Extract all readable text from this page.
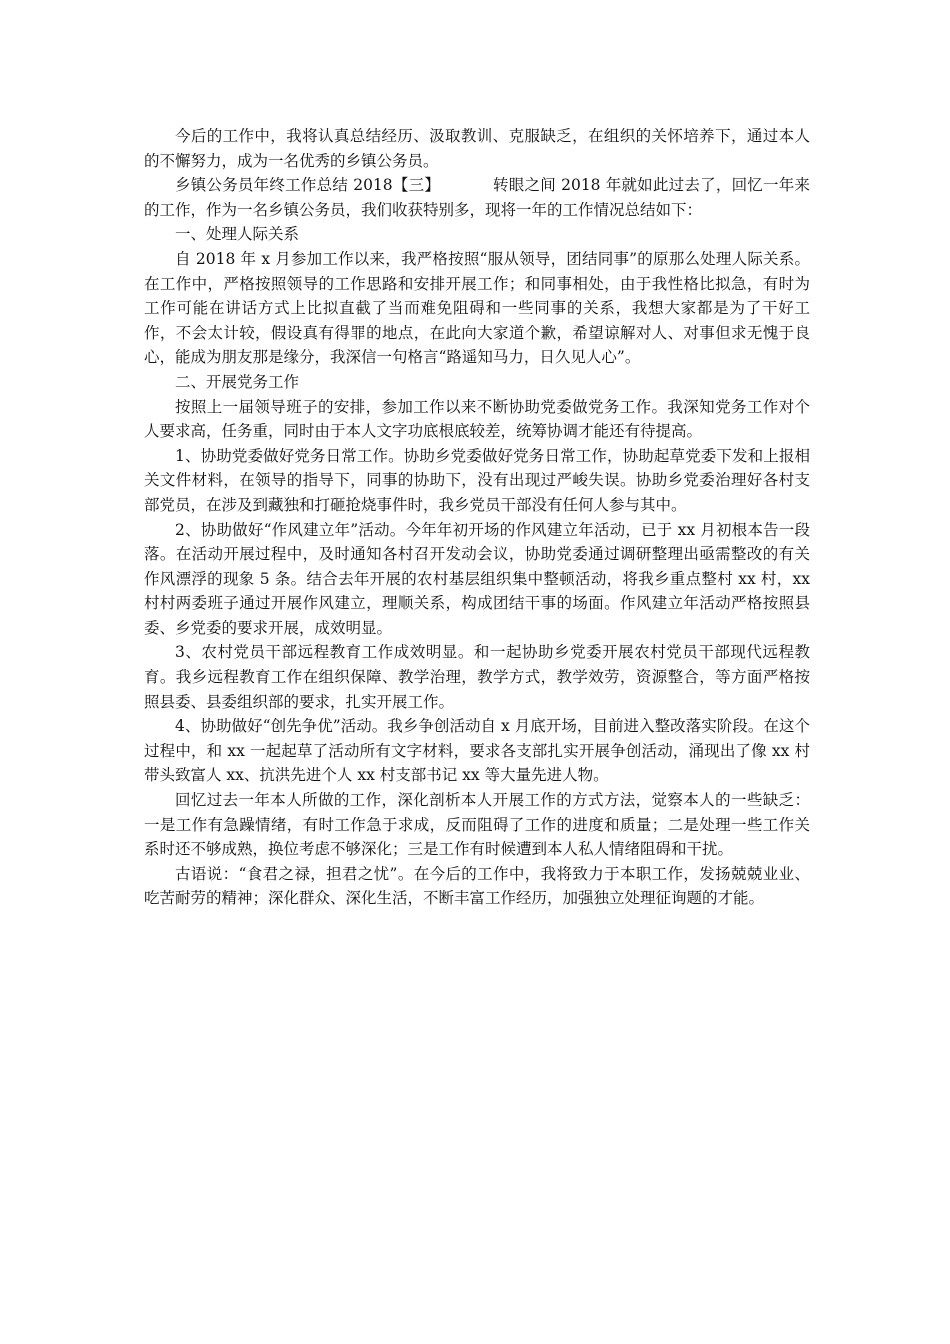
今后的工作中，我将认真总结经历、汲取教训、克服缺乏，在组织的关怀培养下，通过本人的不懈努力，成为一名优秀的乡镇公务员。

乡镇公务员年终工作总结 2018【三】	转眼之间 2018 年就如此过去了，回忆一年来的工作，作为一名乡镇公务员，我们收获特别多，现将一年的工作情况总结如下：

一、处理人际关系

自 2018 年 x 月参加工作以来，我严格按照“服从领导，团结同事”的原那么处理人际关系。在工作中，严格按照领导的工作思路和安排开展工作；和同事相处，由于我性格比拟急，有时为工作可能在讲话方式上比拟直截了当而难免阻碍和一些同事的关系，我想大家都是为了干好工作，不会太计较，假设真有得罪的地点，在此向大家道个歉，希望谅解对人、对事但求无愧于良心，能成为朋友那是缘分，我深信一句格言“路遥知马力，日久见人心”。

二、开展党务工作

按照上一届领导班子的安排，参加工作以来不断协助党委做党务工作。我深知党务工作对个人要求高，任务重，同时由于本人文字功底根底较差，统筹协调才能还有待提高。

1、协助党委做好党务日常工作。协助乡党委做好党务日常工作，协助起草党委下发和上报相关文件材料，在领导的指导下，同事的协助下，没有出现过严峻失误。协助乡党委治理好各村支部党员，在涉及到藏独和打砸抢烧事件时，我乡党员干部没有任何人参与其中。

2、协助做好“作风建立年”活动。今年年初开场的作风建立年活动，已于 xx 月初根本告一段落。在活动开展过程中，及时通知各村召开发动会议，协助党委通过调研整理出亟需整改的有关作风漂浮的现象 5 条。结合去年开展的农村基层组织集中整顿活动，将我乡重点整村 xx 村，xx 村村两委班子通过开展作风建立，理顺关系，构成团结干事的场面。作风建立年活动严格按照县委、乡党委的要求开展，成效明显。

3、农村党员干部远程教育工作成效明显。和一起协助乡党委开展农村党员干部现代远程教育。我乡远程教育工作在组织保障、教学治理，教学方式，教学效劳，资源整合，等方面严格按照县委、县委组织部的要求，扎实开展工作。

4、协助做好“创先争优”活动。我乡争创活动自 x 月底开场，目前进入整改落实阶段。在这个过程中，和 xx 一起起草了活动所有文字材料，要求各支部扎实开展争创活动，涌现出了像 xx 村带头致富人 xx、抗洪先进个人 xx 村支部书记 xx 等大量先进人物。

回忆过去一年本人所做的工作，深化剖析本人开展工作的方式方法，觉察本人的一些缺乏：一是工作有急躁情绪，有时工作急于求成，反而阻碍了工作的进度和质量；二是处理一些工作关系时还不够成熟，换位考虑不够深化；三是工作有时候遭到本人私人情绪阻碍和干扰。

古语说：“食君之禄，担君之忧”。在今后的工作中，我将致力于本职工作，发扬兢兢业业、吃苦耐劳的精神；深化群众、深化生活，不断丰富工作经历，加强独立处理征询题的才能。
